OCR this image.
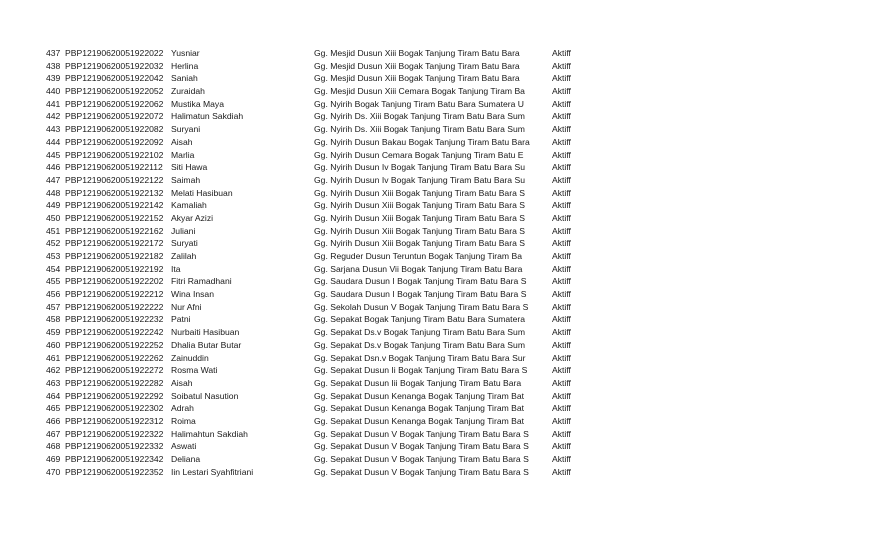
437 PBP12190620051922022 Yusniar	Gg. Mesjid Dusun Xiii Bogak Tanjung Tiram Batu Bara	Aktiff
438 PBP12190620051922032 Herlina	Gg. Mesjid Dusun Xiii Bogak Tanjung Tiram Batu Bara	Aktiff
439 PBP12190620051922042 Saniah	Gg. Mesjid Dusun Xiii Bogak Tanjung Tiram Batu Bara	Aktiff
440 PBP12190620051922052 Zuraidah	Gg. Mesjid Dusun Xiii Cemara Bogak Tanjung Tiram Ba	Aktiff
441 PBP12190620051922062 Mustika Maya	Gg. Nyirih Bogak Tanjung Tiram Batu Bara Sumatera U	Aktiff
442 PBP12190620051922072 Halimatun Sakdiah	Gg. Nyirih Ds. Xiii Bogak Tanjung Tiram Batu Bara Sum	Aktiff
443 PBP12190620051922082 Suryani	Gg. Nyirih Ds. Xiii Bogak Tanjung Tiram Batu Bara Sum	Aktiff
444 PBP12190620051922092 Aisah	Gg. Nyirih Dusun Bakau Bogak Tanjung Tiram Batu Bara	Aktiff
445 PBP12190620051922102 Marlia	Gg. Nyirih Dusun Cemara Bogak Tanjung Tiram Batu E	Aktiff
446 PBP12190620051922112 Siti Hawa	Gg. Nyirih Dusun Iv Bogak Tanjung Tiram Batu Bara Su	Aktiff
447 PBP12190620051922122 Saimah	Gg. Nyirih Dusun Iv Bogak Tanjung Tiram Batu Bara Su	Aktiff
448 PBP12190620051922132 Melati Hasibuan	Gg. Nyirih Dusun Xiii Bogak Tanjung Tiram Batu Bara S	Aktiff
449 PBP12190620051922142 Kamaliah	Gg. Nyirih Dusun Xiii Bogak Tanjung Tiram Batu Bara S	Aktiff
450 PBP12190620051922152 Akyar Azizi	Gg. Nyirih Dusun Xiii Bogak Tanjung Tiram Batu Bara S	Aktiff
451 PBP12190620051922162 Juliani	Gg. Nyirih Dusun Xiii Bogak Tanjung Tiram Batu Bara S	Aktiff
452 PBP12190620051922172 Suryati	Gg. Nyirih Dusun Xiii Bogak Tanjung Tiram Batu Bara S	Aktiff
453 PBP12190620051922182 Zalilah	Gg. Reguder Dusun Teruntun Bogak Tanjung Tiram Ba	Aktiff
454 PBP12190620051922192 Ita	Gg. Sarjana Dusun Vii Bogak Tanjung Tiram Batu Bara	Aktiff
455 PBP12190620051922202 Fitri Ramadhani	Gg. Saudara Dusun I Bogak Tanjung Tiram Batu Bara S	Aktiff
456 PBP12190620051922212 Wina Insan	Gg. Saudara Dusun I Bogak Tanjung Tiram Batu Bara S	Aktiff
457 PBP12190620051922222 Nur Afni	Gg. Sekolah Dusun V Bogak Tanjung Tiram Batu Bara S	Aktiff
458 PBP12190620051922232 Patni	Gg. Sepakat Bogak Tanjung Tiram Batu Bara Sumatera	Aktiff
459 PBP12190620051922242 Nurbaiti Hasibuan	Gg. Sepakat Ds.v Bogak Tanjung Tiram Batu Bara Sum	Aktiff
460 PBP12190620051922252 Dhalia Butar Butar	Gg. Sepakat Ds.v Bogak Tanjung Tiram Batu Bara Sum	Aktiff
461 PBP12190620051922262 Zainuddin	Gg. Sepakat Dsn.v Bogak Tanjung Tiram Batu Bara Sur	Aktiff
462 PBP12190620051922272 Rosma Wati	Gg. Sepakat Dusun Ii Bogak Tanjung Tiram Batu Bara S	Aktiff
463 PBP12190620051922282 Aisah	Gg. Sepakat Dusun Iii Bogak Tanjung Tiram Batu Bara	Aktiff
464 PBP12190620051922292 Soibatul Nasution	Gg. Sepakat Dusun Kenanga Bogak Tanjung Tiram Bat	Aktiff
465 PBP12190620051922302 Adrah	Gg. Sepakat Dusun Kenanga Bogak Tanjung Tiram Bat	Aktiff
466 PBP12190620051922312 Roima	Gg. Sepakat Dusun Kenanga Bogak Tanjung Tiram Bat	Aktiff
467 PBP12190620051922322 Halimahtun Sakdiah	Gg. Sepakat Dusun V Bogak Tanjung Tiram Batu Bara S	Aktiff
468 PBP12190620051922332 Aswati	Gg. Sepakat Dusun V Bogak Tanjung Tiram Batu Bara S	Aktiff
469 PBP12190620051922342 Deliana	Gg. Sepakat Dusun V Bogak Tanjung Tiram Batu Bara S	Aktiff
470 PBP12190620051922352 Iin Lestari Syahfitriani	Gg. Sepakat Dusun V Bogak Tanjung Tiram Batu Bara S	Aktiff
